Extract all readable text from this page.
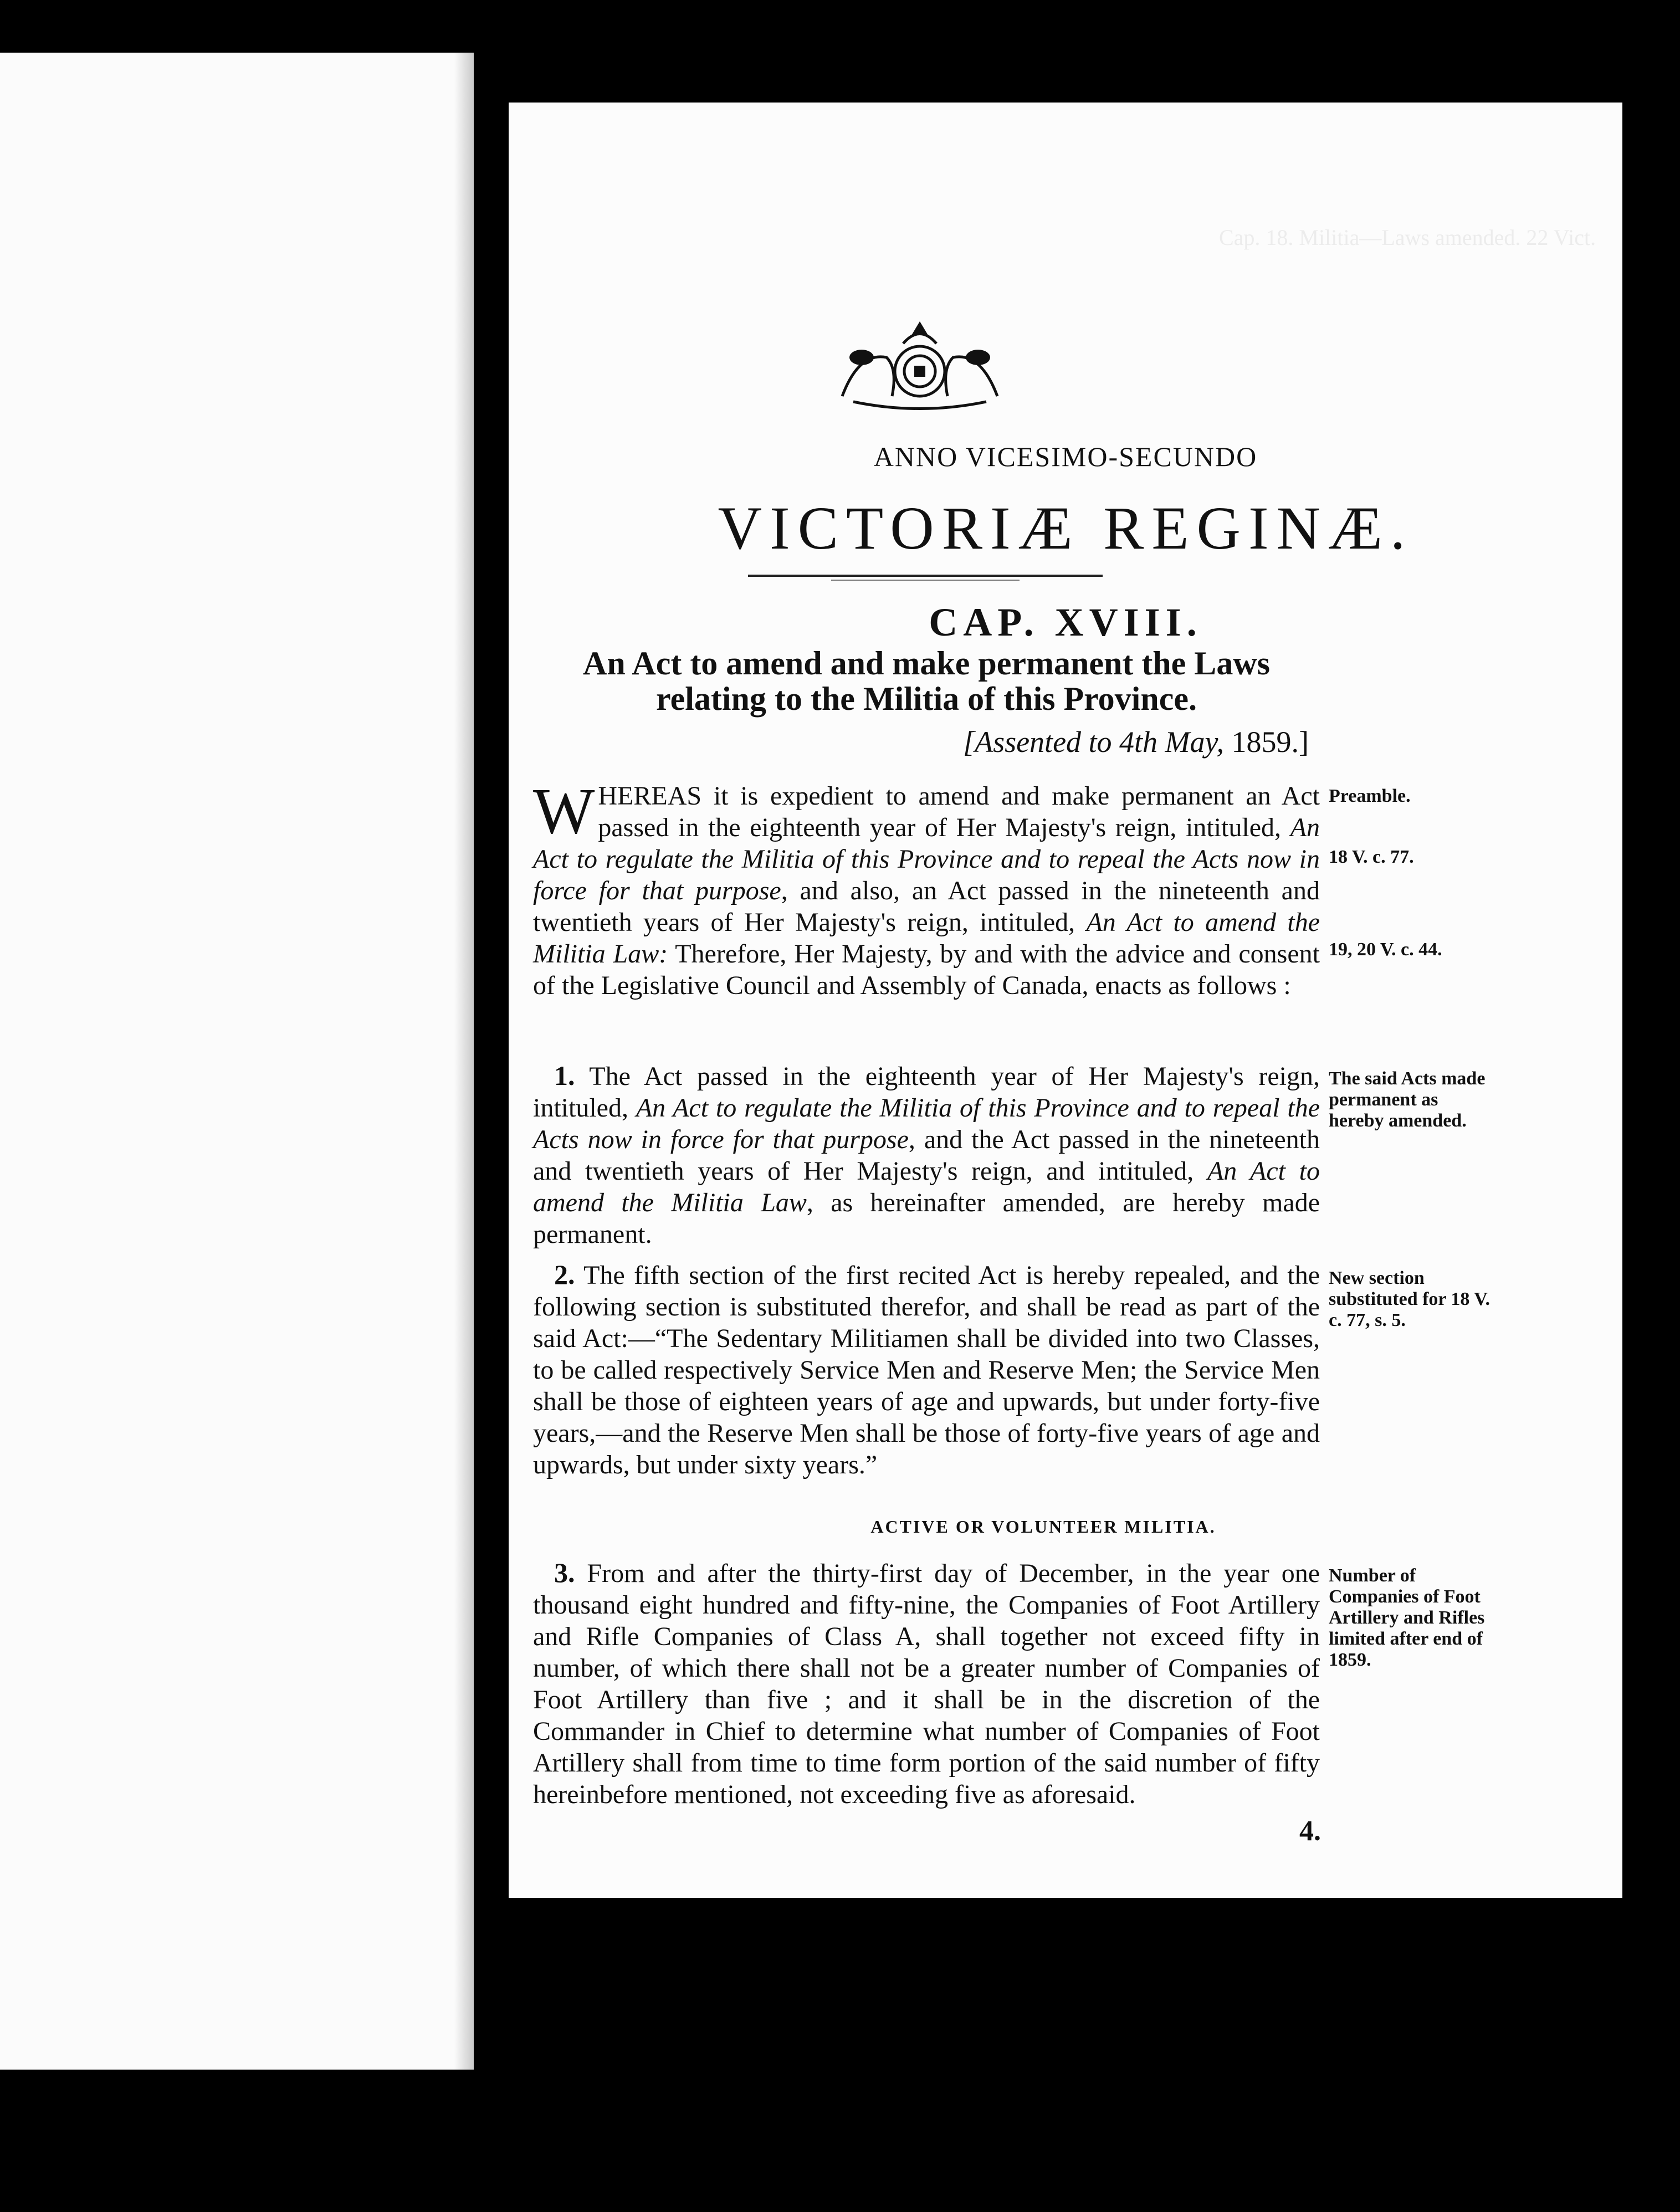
Cap. 18. Militia—Laws amended. 22 Vict.
ANNO VICESIMO-SECUNDO
VICTORIÆ REGINÆ.
CAP. XVIII.
An Act to amend and make permanent the Laws relating to the Militia of this Province.
[Assented to 4th May, 1859.]
WHEREAS it is expedient to amend and make permanent an Act passed in the eighteenth year of Her Majesty's reign, intituled, An Act to regulate the Militia of this Province and to repeal the Acts now in force for that purpose, and also, an Act passed in the nineteenth and twentieth years of Her Majesty's reign, intituled, An Act to amend the Militia Law: Therefore, Her Majesty, by and with the advice and consent of the Legislative Council and Assembly of Canada, enacts as follows :
1. The Act passed in the eighteenth year of Her Majesty's reign, intituled, An Act to regulate the Militia of this Province and to repeal the Acts now in force for that purpose, and the Act passed in the nineteenth and twentieth years of Her Majesty's reign, and intituled, An Act to amend the Militia Law, as hereinafter amended, are hereby made permanent.
2. The fifth section of the first recited Act is hereby repealed, and the following section is substituted therefor, and shall be read as part of the said Act:—“The Sedentary Militiamen shall be divided into two Classes, to be called respectively Service Men and Reserve Men; the Service Men shall be those of eighteen years of age and upwards, but under forty-five years,—and the Reserve Men shall be those of forty-five years of age and upwards, but under sixty years.”
ACTIVE OR VOLUNTEER MILITIA.
3. From and after the thirty-first day of December, in the year one thousand eight hundred and fifty-nine, the Companies of Foot Artillery and Rifle Companies of Class A, shall together not exceed fifty in number, of which there shall not be a greater number of Companies of Foot Artillery than five ; and it shall be in the discretion of the Commander in Chief to determine what number of Companies of Foot Artillery shall from time to time form portion of the said number of fifty hereinbefore mentioned, not exceeding five as aforesaid.
4.
Preamble.
18 V. c. 77.
19, 20 V. c. 44.
The said Acts made permanent as hereby amended.
New section substituted for 18 V. c. 77, s. 5.
Number of Companies of Foot Artillery and Rifles limited after end of 1859.
